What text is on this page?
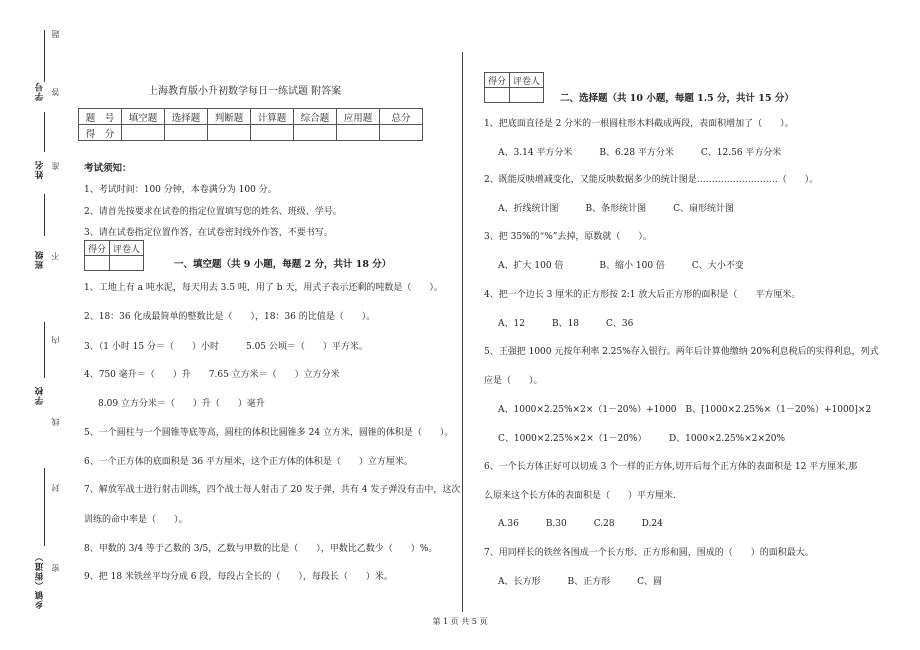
学号
姓名
班级
学校
乡镇（街道）
题
答
准
不
内
线
封
密
上海教育版小升初数学每日一练试题 附答案
题　号	填空题	选择题	判断题	计算题	综合题	应用题	总分
得　分							
考试须知：
1、考试时间：100 分钟，本卷满分为 100 分。
2、请首先按要求在试卷的指定位置填写您的姓名、班级、学号。
3、请在试卷指定位置作答，在试卷密封线外作答，不要书写。
得分	评卷人

一、填空题（共 9 小题，每题 2 分，共计 18 分）
1、工地上有 a 吨水泥，每天用去 3.5 吨，用了 b 天，用式子表示还剩的吨数是（　　）。
2、18：36 化成最简单的整数比是（　　），18：36 的比值是（　　）。
3、（1 小时 15 分＝（　　）小时　　　5.05 公顷＝（　　）平方米。
4、750 毫升＝（　　）升　　7.65 立方米＝（　　）立方分米
8.09 立方分米＝（　　）升（　　）毫升
5、一个圆柱与一个圆锥等底等高，圆柱的体积比圆锥多 24 立方米，圆锥的体积是（　　）。
6、一个正方体的底面积是 36 平方厘米，这个正方体的体积是（　　）立方厘米。
7、解放军战士进行射击训练，四个战士每人射击了 20 发子弹，共有 4 发子弹没有击中，这次
训练的命中率是（　　）。
8、甲数的 3/4 等于乙数的 3/5，乙数与甲数的比是（　　），甲数比乙数少（　　）%。
9、把 18 米铁丝平均分成 6 段，每段占全长的（　　），每段长（　　）米。
得分	评卷人

二、选择题（共 10 小题，每题 1.5 分，共计 15 分）
1、把底面直径是 2 分米的一根圆柱形木料截成两段，表面积增加了（　　）。
A、3.14 平方分米　　　B、6.28 平方分米　　　C、12.56 平方分米
2、既能反映增减变化，又能反映数据多少的统计图是………………………（　　）。
A、折线统计图　　　B、条形统计图　　　C、扇形统计图
3、把 35%的“%”去掉，原数就（　　）。
A、扩大 100 倍　　　　B、缩小 100 倍　　　C、大小不变
4、把一个边长 3 厘米的正方形按 2:1 放大后正方形的面积是（　　平方厘米。
A、12　　　B、18　　　C、36
5、王强把 1000 元按年利率 2.25%存入银行。两年后计算他缴纳 20%利息税后的实得利息，列式
应是（　　）。
A、1000×2.25%×2×（1－20%）+1000　B、[1000×2.25%×（1－20%）+1000]×2
C、1000×2.25%×2×（1－20%）　　　D、1000×2.25%×2×20%
6、一个长方体正好可以切成 3 个一样的正方体,切开后每个正方体的表面积是 12 平方厘米,那
么原来这个长方体的表面积是（　　）平方厘米.
A.36　　　B.30　　　C.28　　　D.24
7、用同样长的铁丝各围成一个长方形、正方形和圆，围成的（　　）的面积最大。
A、长方形　　　B、正方形　　　C、圆
第 1 页 共 5 页
